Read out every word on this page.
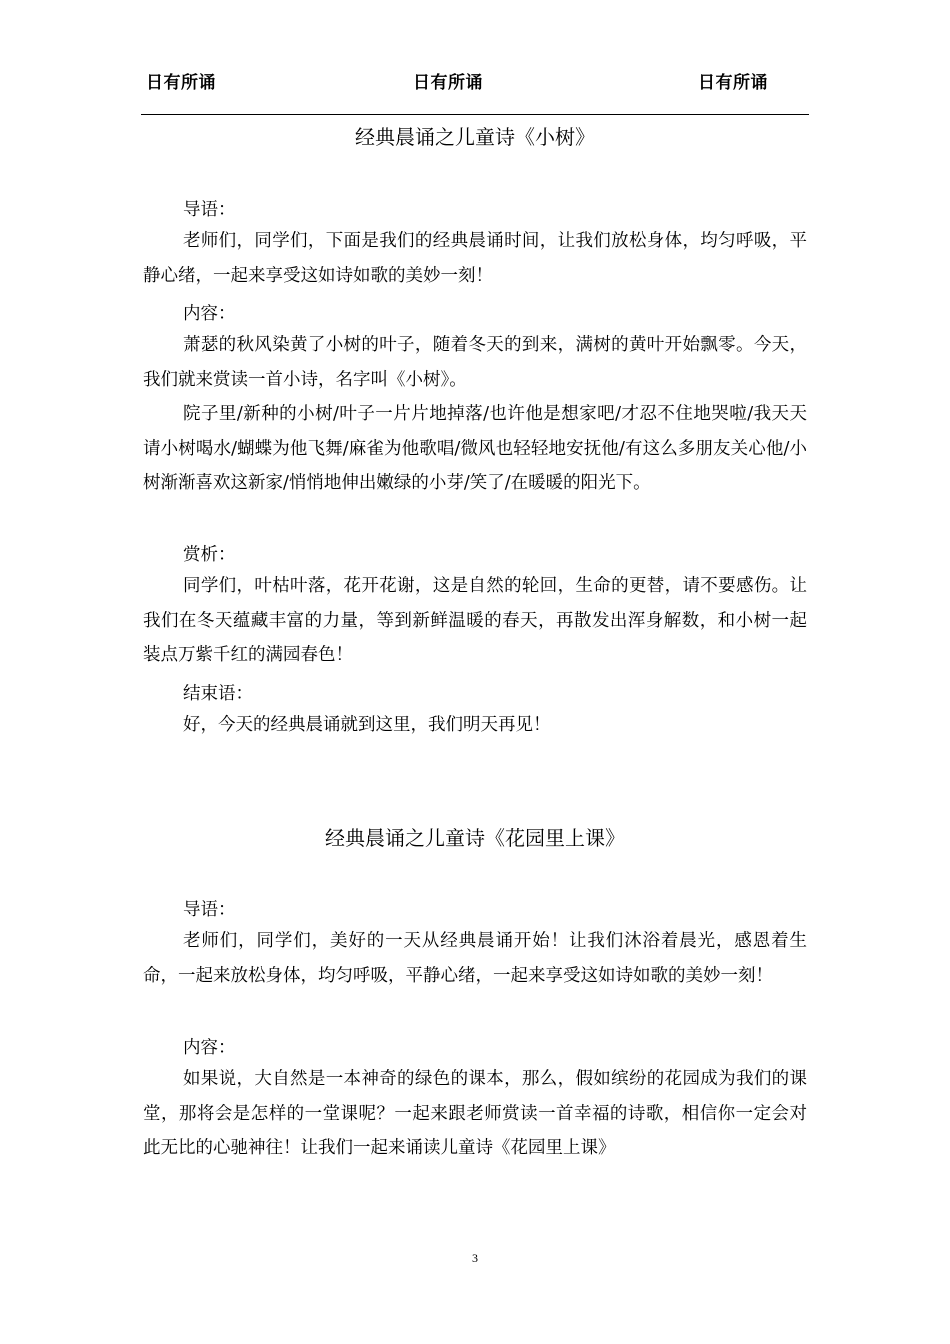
日有所诵	日有所诵	日有所诵
经典晨诵之儿童诗《小树》
导语：

老师们，同学们，下面是我们的经典晨诵时间，让我们放松身体，均匀呼吸，平静心绪，一起来享受这如诗如歌的美妙一刻！

内容：

萧瑟的秋风染黄了小树的叶子，随着冬天的到来，满树的黄叶开始飘零。今天，我们就来赏读一首小诗，名字叫《小树》。

院子里/新种的小树/叶子一片片地掉落/也许他是想家吧/才忍不住地哭啦/我天天请小树喝水/蝴蝶为他飞舞/麻雀为他歌唱/微风也轻轻地安抚他/有这么多朋友关心他/小树渐渐喜欢这新家/悄悄地伸出嫩绿的小芽/笑了/在暖暖的阳光下。

赏析：

同学们，叶枯叶落，花开花谢，这是自然的轮回，生命的更替，请不要感伤。让我们在冬天蕴藏丰富的力量，等到新鲜温暖的春天，再散发出浑身解数，和小树一起装点万紫千红的满园春色！

结束语：

好，今天的经典晨诵就到这里，我们明天再见！

经典晨诵之儿童诗《花园里上课》
导语：

老师们，同学们，美好的一天从经典晨诵开始！让我们沐浴着晨光，感恩着生命，一起来放松身体，均匀呼吸，平静心绪，一起来享受这如诗如歌的美妙一刻！

内容：

如果说，大自然是一本神奇的绿色的课本，那么，假如缤纷的花园成为我们的课堂，那将会是怎样的一堂课呢？一起来跟老师赏读一首幸福的诗歌，相信你一定会对此无比的心驰神往！让我们一起来诵读儿童诗《花园里上课》

3
